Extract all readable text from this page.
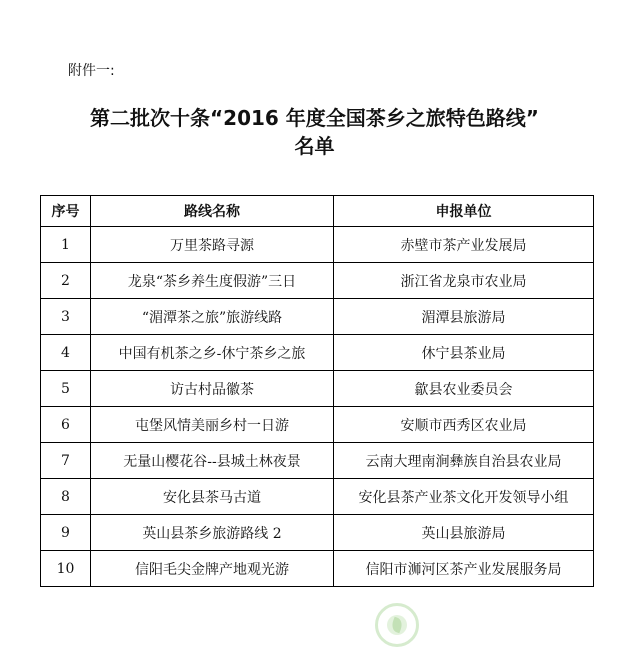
附件一:
第二批次十条“2016 年度全国茶乡之旅特色路线”
名单
序号	路线名称	申报单位
1	万里茶路寻源	赤壁市茶产业发展局
2	龙泉“茶乡养生度假游”三日	浙江省龙泉市农业局
3	“湄潭茶之旅”旅游线路	湄潭县旅游局
4	中国有机茶之乡-休宁茶乡之旅	休宁县茶业局
5	访古村品徽茶	歙县农业委员会
6	屯堡风情美丽乡村一日游	安顺市西秀区农业局
7	无量山樱花谷--县城土林夜景	云南大理南涧彝族自治县农业局
8	安化县茶马古道	安化县茶产业茶文化开发领导小组
9	英山县茶乡旅游路线 2	英山县旅游局
10	信阳毛尖金牌产地观光游	信阳市浉河区茶产业发展服务局
